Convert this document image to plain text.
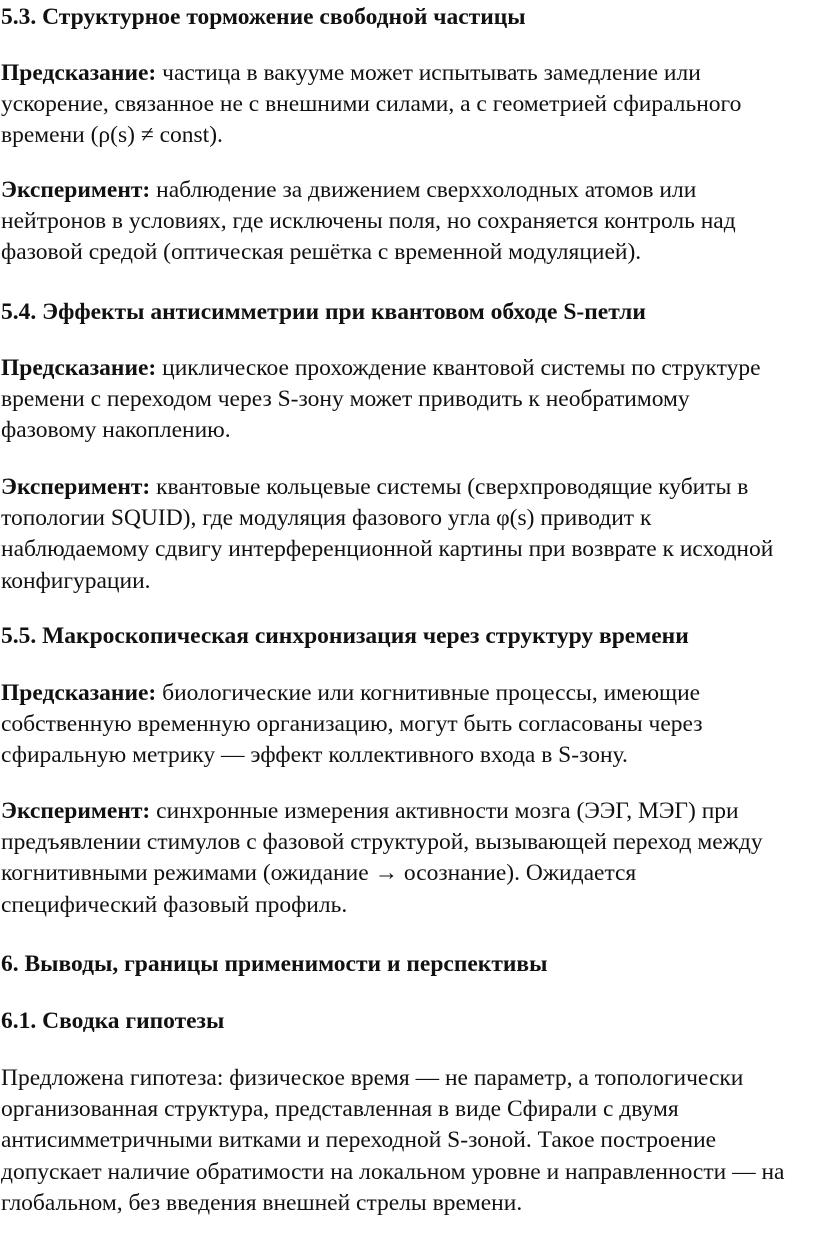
5.3. Структурное торможение свободной частицы

Предсказание: частица в вакууме может испытывать замедление или
ускорение, связанное не с внешними силами, а с геометрией сфирального
времени (ρ(s) ≠ const).

Эксперимент: наблюдение за движением сверххолодных атомов или
нейтронов в условиях, где исключены поля, но сохраняется контроль над
фазовой средой (оптическая решётка с временной модуляцией).

5.4. Эффекты антисимметрии при квантовом обходе S-петли

Предсказание: циклическое прохождение квантовой системы по структуре
времени с переходом через S-зону может приводить к необратимому
фазовому накоплению.

Эксперимент: квантовые кольцевые системы (сверхпроводящие кубиты в
топологии SQUID), где модуляция фазового угла φ(s) приводит к
наблюдаемому сдвигу интерференционной картины при возврате к исходной
конфигурации.

5.5. Макроскопическая синхронизация через структуру времени

Предсказание: биологические или когнитивные процессы, имеющие
собственную временную организацию, могут быть согласованы через
сфиральную метрику — эффект коллективного входа в S-зону.

Эксперимент: синхронные измерения активности мозга (ЭЭГ, МЭГ) при
предъявлении стимулов с фазовой структурой, вызывающей переход между
когнитивными режимами (ожидание → осознание). Ожидается
специфический фазовый профиль.

6. Выводы, границы применимости и перспективы
6.1. Сводка гипотезы

Предложена гипотеза: физическое время — не параметр, а топологически
организованная структура, представленная в виде Сфирали с двумя
антисимметричными витками и переходной S-зоной. Такое построение
допускает наличие обратимости на локальном уровне и направленности — на
глобальном, без введения внешней стрелы времени.
